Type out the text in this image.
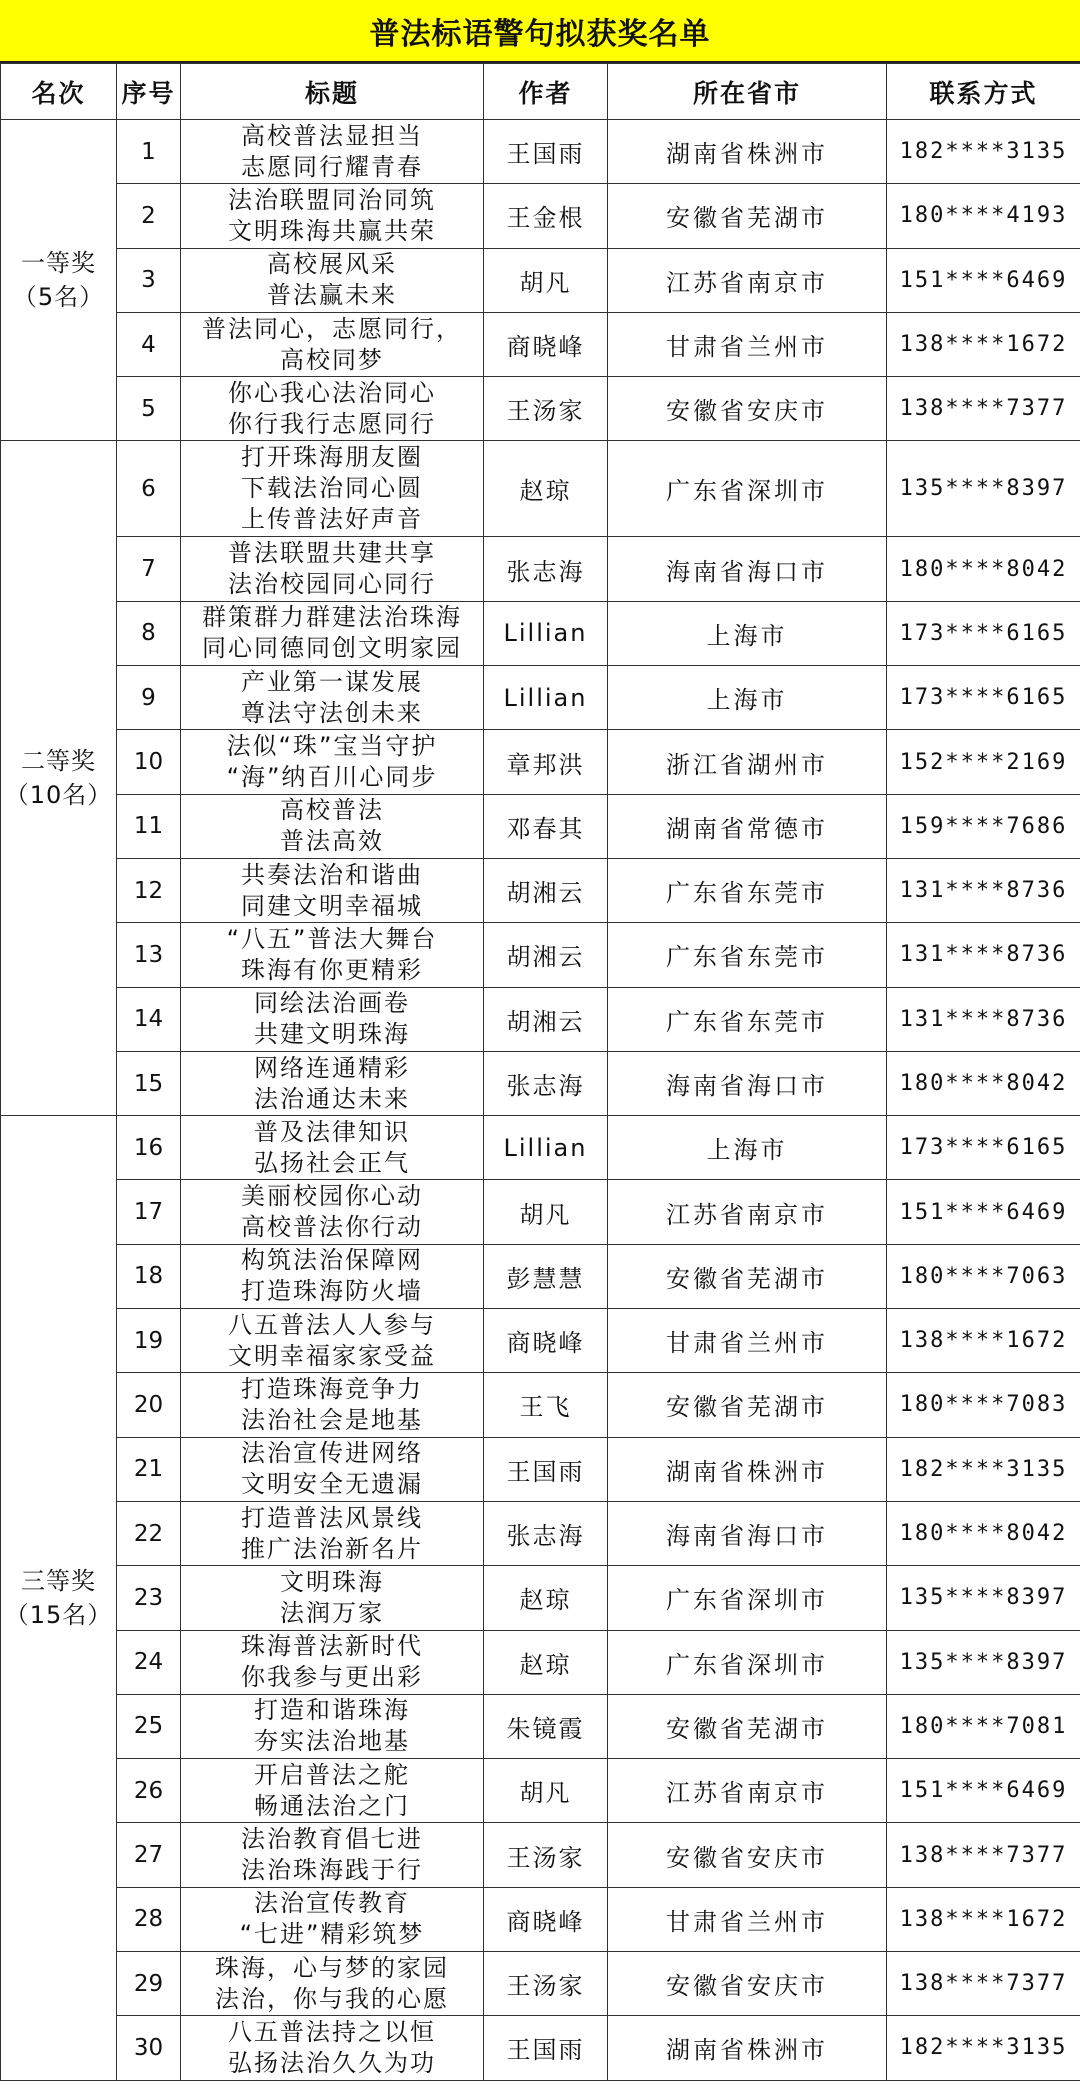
普法标语警句拟获奖名单
名次	序号	标题	作者	所在省市	联系方式

一等奖
（5名）	1	高校普法显担当
志愿同行耀青春	王国雨	湖南省株洲市	182****3135
	2	法治联盟同治同筑
文明珠海共赢共荣	王金根	安徽省芜湖市	180****4193
	3	高校展风采
普法赢未来	胡凡	江苏省南京市	151****6469
	4	普法同心，志愿同行，
高校同梦	商晓峰	甘肃省兰州市	138****1672
	5	你心我心法治同心
你行我行志愿同行	王汤家	安徽省安庆市	138****7377

二等奖
（10名）	6	打开珠海朋友圈
下载法治同心圆
上传普法好声音	赵琼	广东省深圳市	135****8397
	7	普法联盟共建共享
法治校园同心同行	张志海	海南省海口市	180****8042
	8	群策群力群建法治珠海
同心同德同创文明家园	Lillian	上海市	173****6165
	9	产业第一谋发展
尊法守法创未来	Lillian	上海市	173****6165
	10	法似“珠”宝当守护
“海”纳百川心同步	章邦洪	浙江省湖州市	152****2169
	11	高校普法
普法高效	邓春其	湖南省常德市	159****7686
	12	共奏法治和谐曲
同建文明幸福城	胡湘云	广东省东莞市	131****8736
	13	“八五”普法大舞台
珠海有你更精彩	胡湘云	广东省东莞市	131****8736
	14	同绘法治画卷
共建文明珠海	胡湘云	广东省东莞市	131****8736
	15	网络连通精彩
法治通达未来	张志海	海南省海口市	180****8042

三等奖
（15名）	16	普及法律知识
弘扬社会正气	Lillian	上海市	173****6165
	17	美丽校园你心动
高校普法你行动	胡凡	江苏省南京市	151****6469
	18	构筑法治保障网
打造珠海防火墙	彭慧慧	安徽省芜湖市	180****7063
	19	八五普法人人参与
文明幸福家家受益	商晓峰	甘肃省兰州市	138****1672
	20	打造珠海竞争力
法治社会是地基	王飞	安徽省芜湖市	180****7083
	21	法治宣传进网络
文明安全无遗漏	王国雨	湖南省株洲市	182****3135
	22	打造普法风景线
推广法治新名片	张志海	海南省海口市	180****8042
	23	文明珠海
法润万家	赵琼	广东省深圳市	135****8397
	24	珠海普法新时代
你我参与更出彩	赵琼	广东省深圳市	135****8397
	25	打造和谐珠海
夯实法治地基	朱镜霞	安徽省芜湖市	180****7081
	26	开启普法之舵
畅通法治之门	胡凡	江苏省南京市	151****6469
	27	法治教育倡七进
法治珠海践于行	王汤家	安徽省安庆市	138****7377
	28	法治宣传教育
“七进”精彩筑梦	商晓峰	甘肃省兰州市	138****1672
	29	珠海，心与梦的家园
法治，你与我的心愿	王汤家	安徽省安庆市	138****7377
	30	八五普法持之以恒
弘扬法治久久为功	王国雨	湖南省株洲市	182****3135
